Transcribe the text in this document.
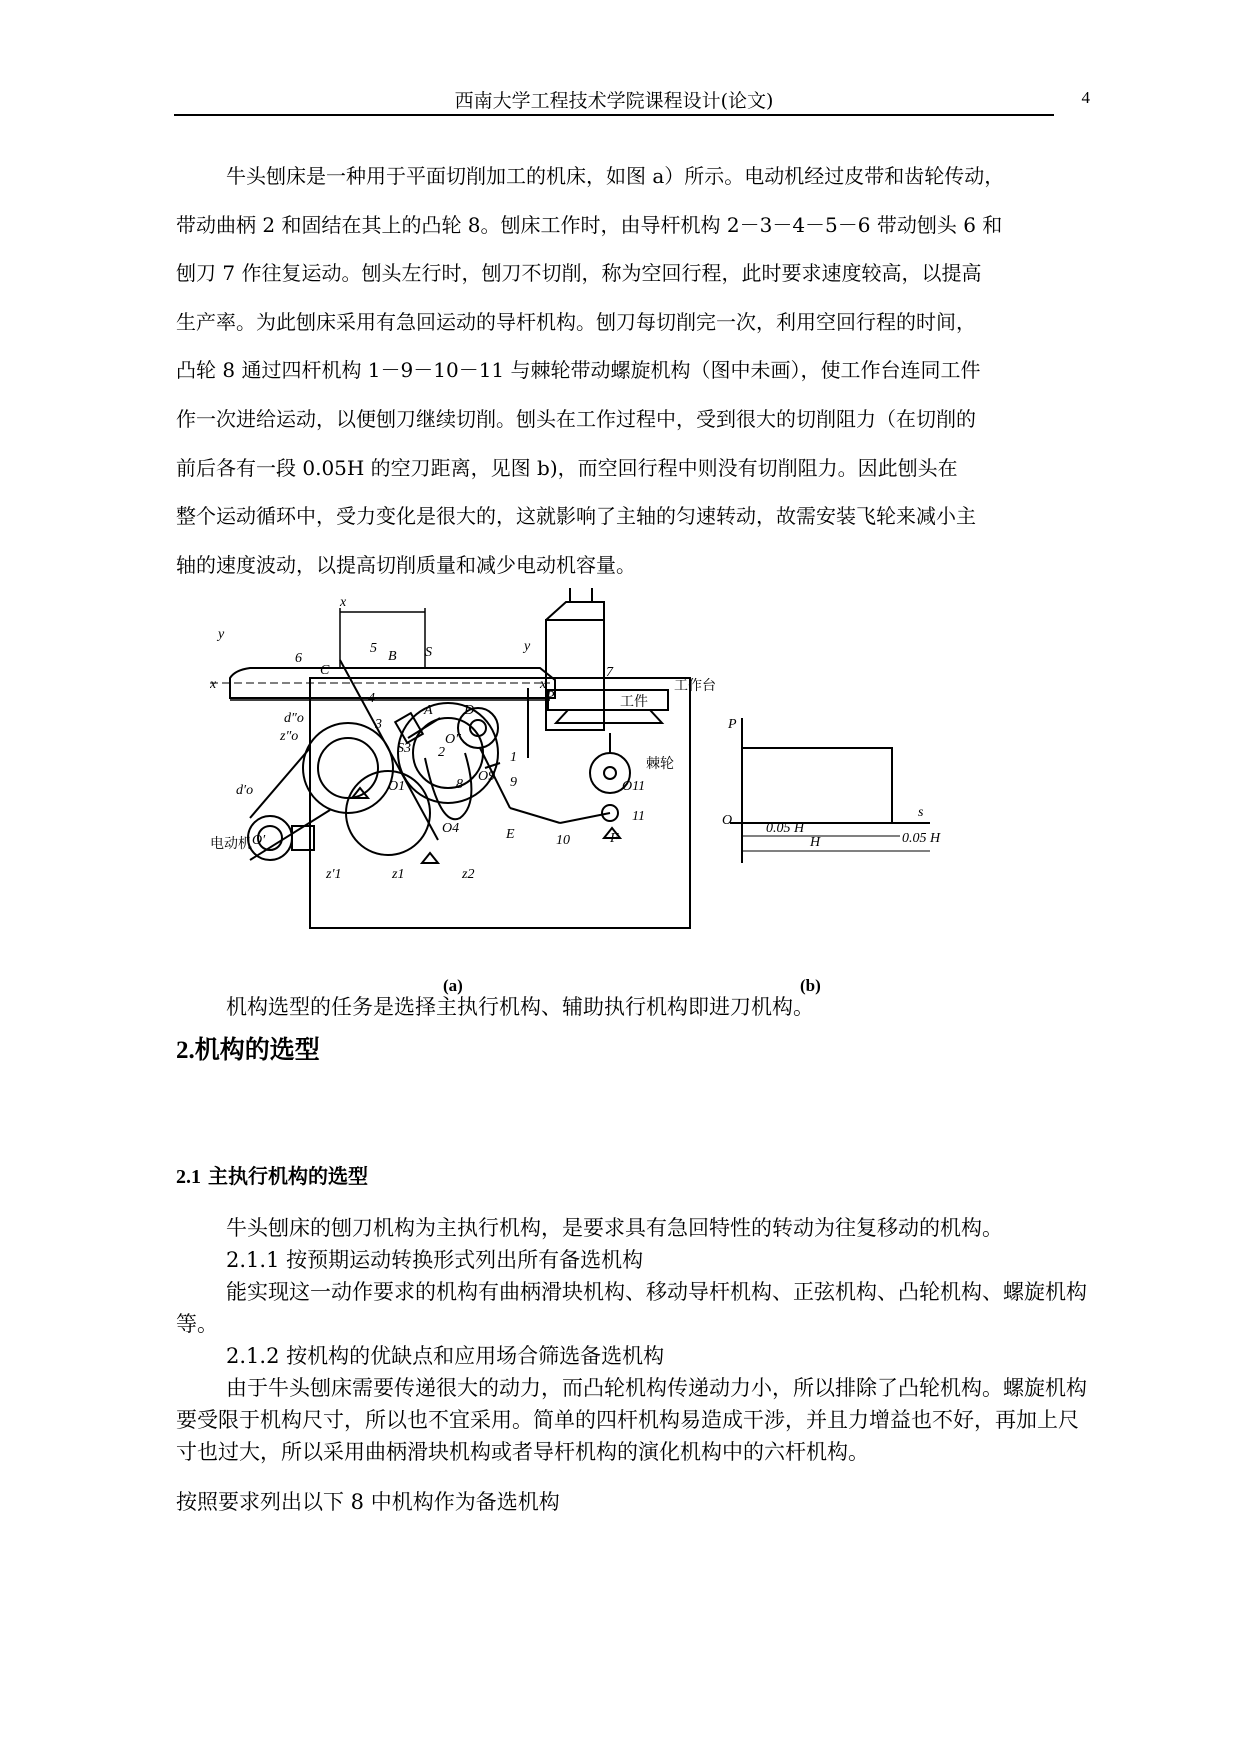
西南大学工程技术学院课程设计(论文)	4
牛头刨床是一种用于平面切削加工的机床，如图 a）所示。电动机经过皮带和齿轮传动，
带动曲柄 2 和固结在其上的凸轮 8。刨床工作时，由导杆机构 2－3－4－5－6 带动刨头 6 和
刨刀 7 作往复运动。刨头左行时，刨刀不切削，称为空回行程，此时要求速度较高，以提高
生产率。为此刨床采用有急回运动的导杆机构。刨刀每切削完一次，利用空回行程的时间，
凸轮 8 通过四杆机构 1－9－10－11 与棘轮带动螺旋机构（图中未画），使工作台连同工件
作一次进给运动，以便刨刀继续切削。刨头在工作过程中，受到很大的切削阻力（在切削的
前后各有一段 0.05H 的空刀距离，见图 b)，而空回行程中则没有切削阻力。因此刨头在
整个运动循环中，受力变化是很大的，这就影响了主轴的匀速转动，故需安装飞轮来减小主
轴的速度波动，以提高切削质量和减少电动机容量。
y
x
y
x	x
6
C
5
B S
7
P
4
d″o
z″o
3
A
O″
D
2
S3
O1	8
1
O9 9
d′o
O′
O4	E	10	F
O11
11
z′1	z1	z2
P
O
s
0.05 H
H	0.05 H
电动机
工作台
工件
棘轮
(a)	(b)
2.机构的选型
机构选型的任务是选择主执行机构、辅助执行机构即进刀机构。
2.1 主执行机构的选型

牛头刨床的刨刀机构为主执行机构，是要求具有急回特性的转动为往复移动的机构。

2.1.1 按预期运动转换形式列出所有备选机构

能实现这一动作要求的机构有曲柄滑块机构、移动导杆机构、正弦机构、凸轮机构、螺旋机构等。

2.1.2 按机构的优缺点和应用场合筛选备选机构

由于牛头刨床需要传递很大的动力，而凸轮机构传递动力小，所以排除了凸轮机构。螺旋机构要受限于机构尺寸，所以也不宜采用。简单的四杆机构易造成干涉，并且力增益也不好，再加上尺寸也过大，所以采用曲柄滑块机构或者导杆机构的演化机构中的六杆机构。

按照要求列出以下 8 中机构作为备选机构
